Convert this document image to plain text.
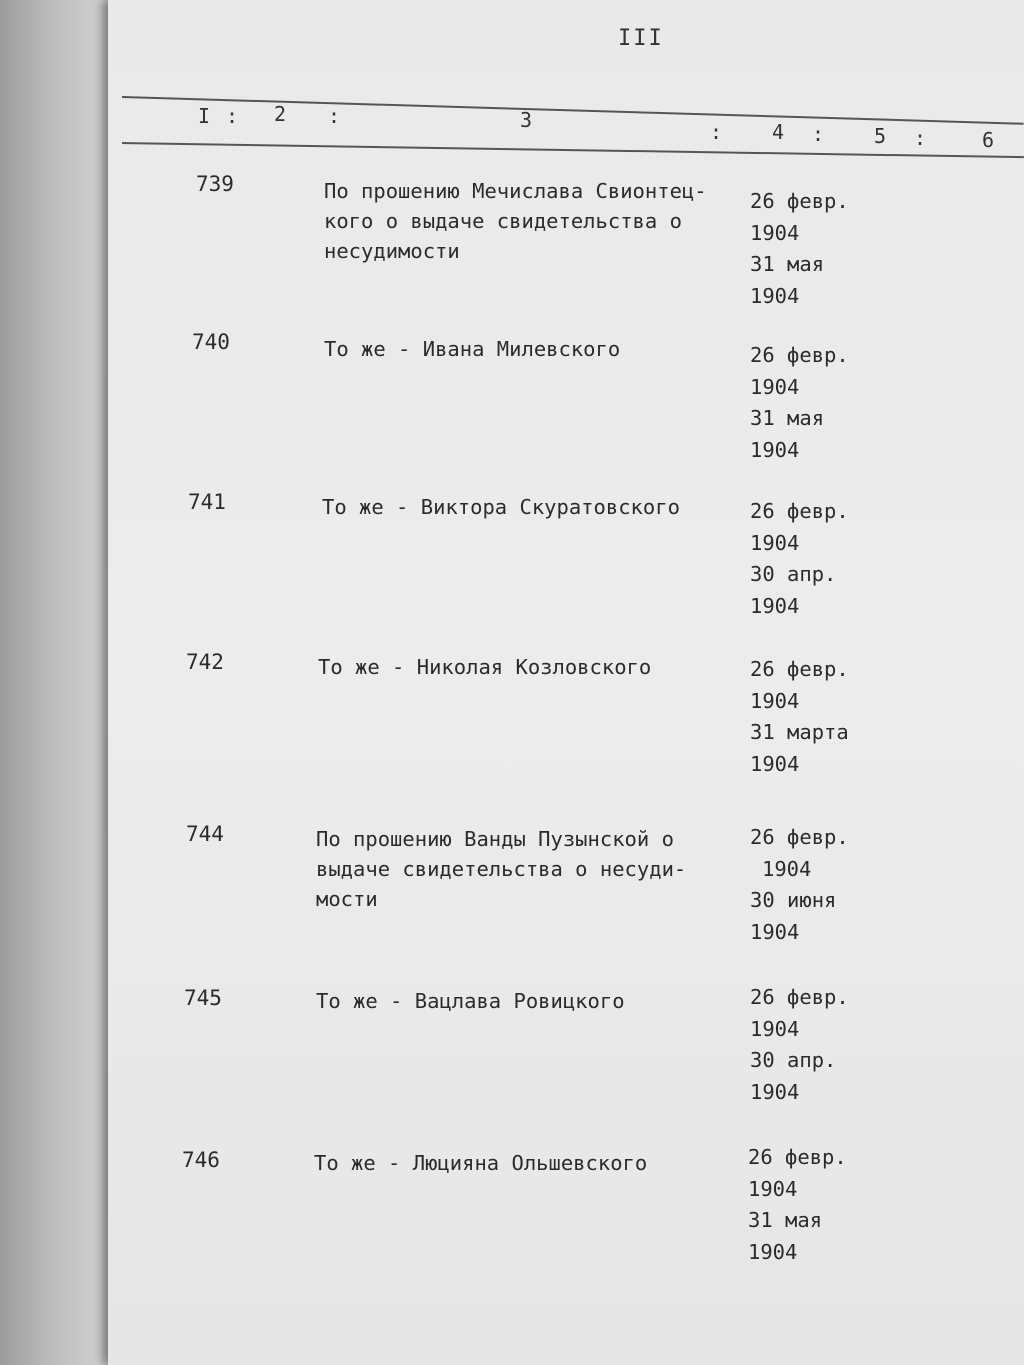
III
I : 2 :	3	: 4 : 5 :	6
739	По прошению Мечислава Свионтец-
кого о выдаче свидетельства о
несудимости
26 февр.
1904
31 мая
1904
740	То же - Ивана Милевского	26 февр.
1904
31 мая
1904
741	То же - Виктора Скуратовского	26 февр.
1904
30 апр.
1904
742	То же - Николая Козловского	26 февр.
1904
31 марта
1904
744	По прошению Ванды Пузынской о
выдаче свидетельства о несуди-
мости
26 февр.
1904
30 июня
1904
745	То же - Вацлава Ровицкого	26 февр.
1904
30 апр.
1904
746	То же - Люцияна Ольшевского	26 февр.
1904
31 мая
1904
